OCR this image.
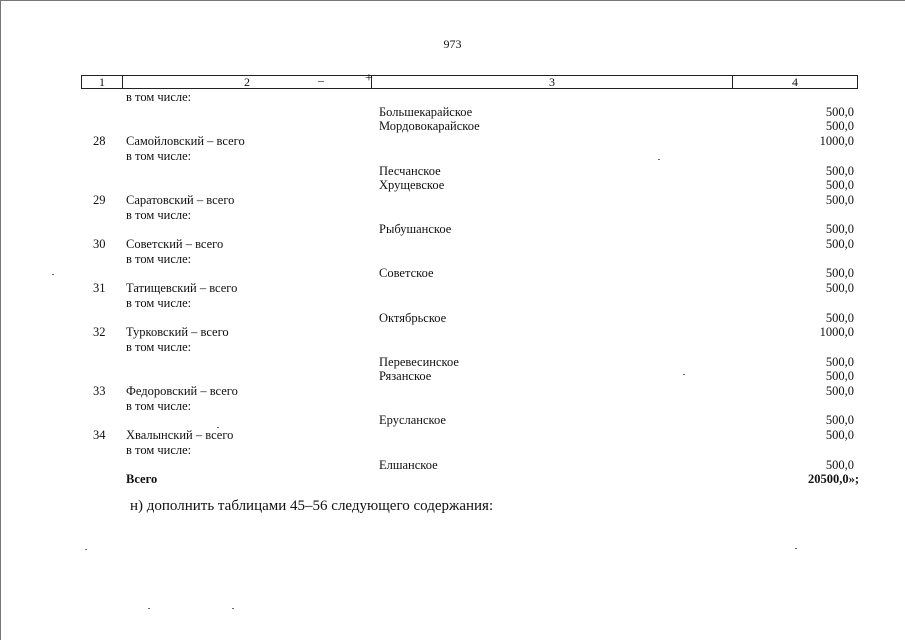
973
1	2	3	4
–	+
в том числе:
Большекарайское	500,0
Мордовокарайское	500,0
28 Самойловский – всего	1000,0
в том числе:
Песчанское	500,0
Хрущевское	500,0
29 Саратовский – всего	500,0
в том числе:
Рыбушанское	500,0
30 Советский – всего	500,0
в том числе:
Советское	500,0
31 Татищевский – всего	500,0
в том числе:
Октябрьское	500,0
32 Турковский – всего	1000,0
в том числе:
Перевесинское	500,0
Рязанское	500,0
33 Федоровский – всего	500,0
в том числе:
Ерусланское	500,0
34 Хвалынский – всего	500,0
в том числе:
Елшанское	500,0
Всего	20500,0»;
н) дополнить таблицами 45–56 следующего содержания:
